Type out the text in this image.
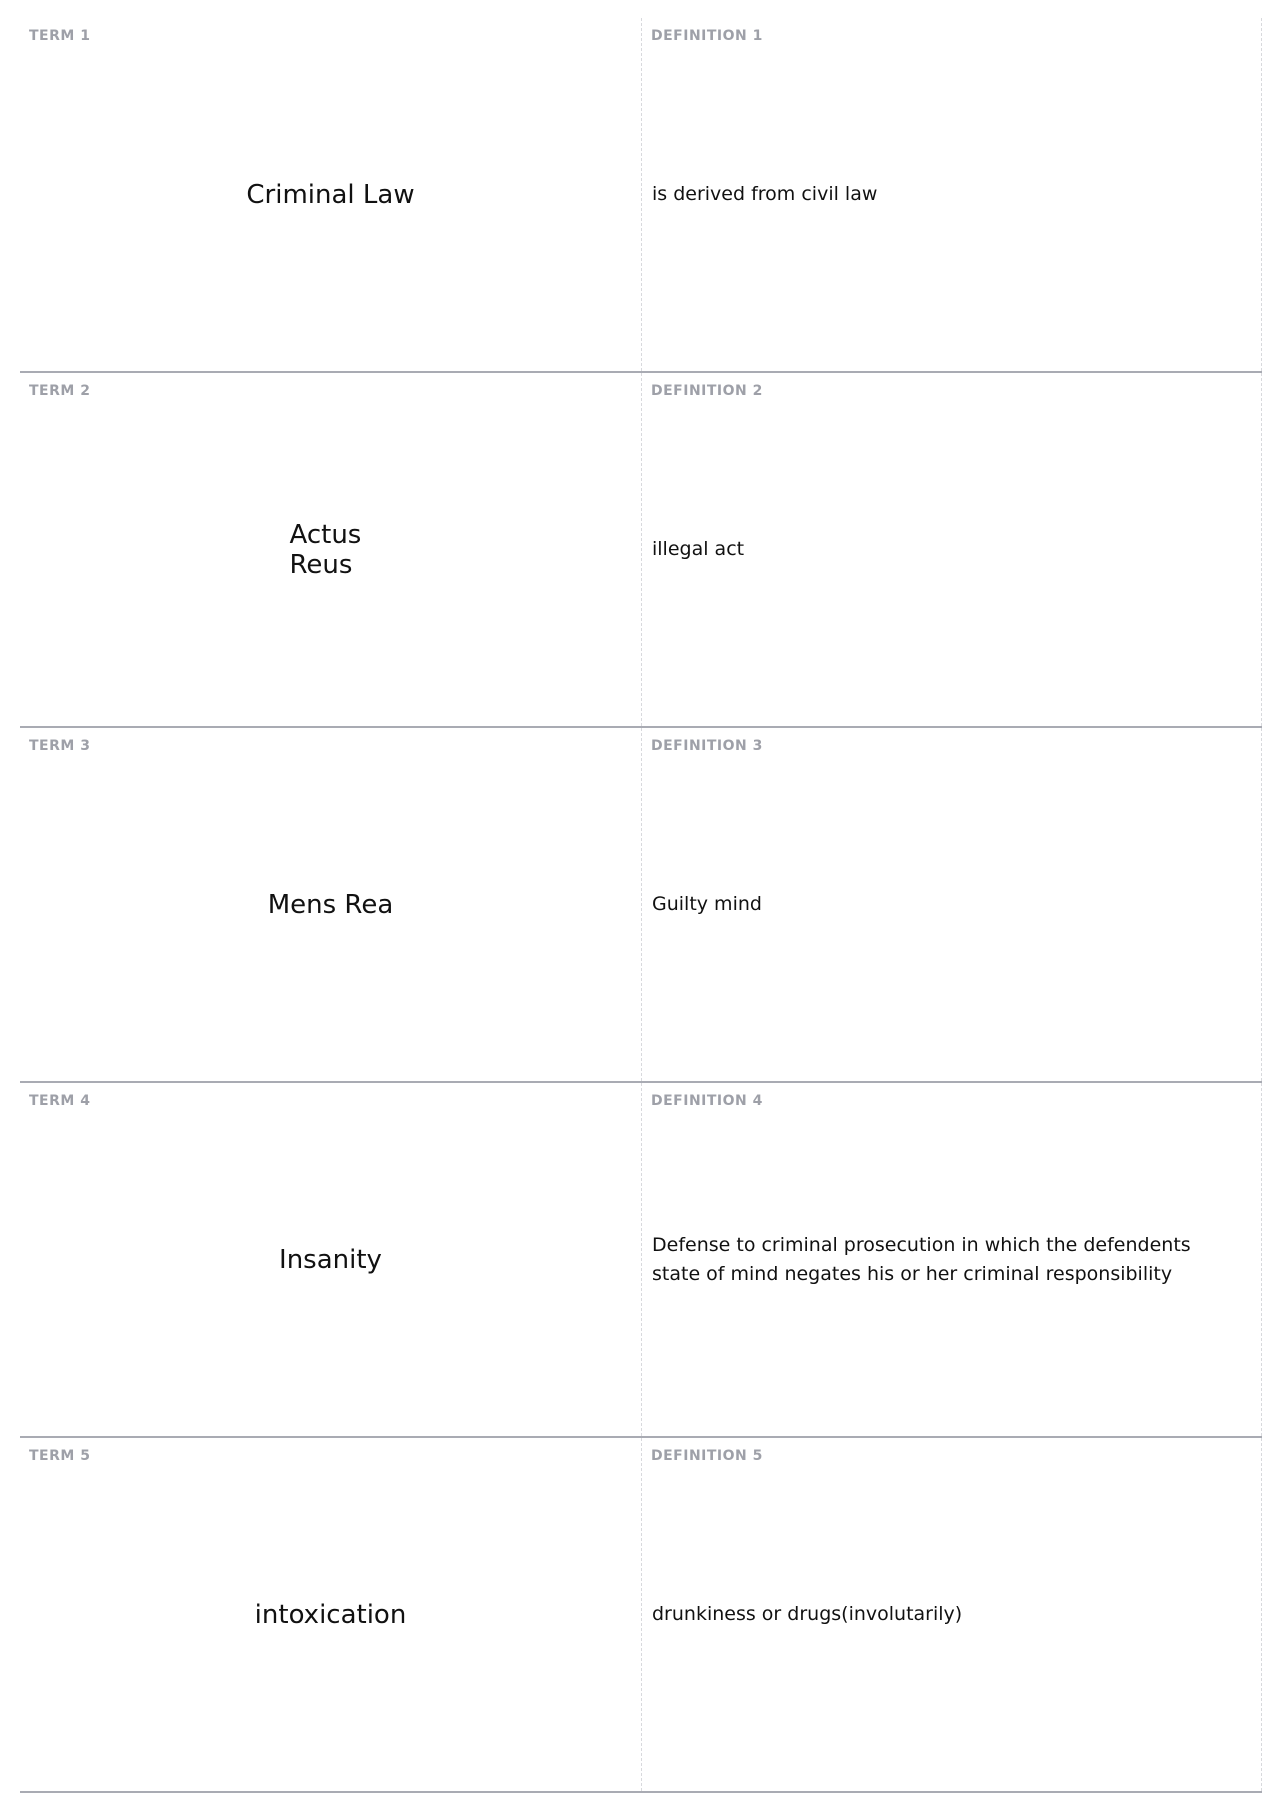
TERM 1
Criminal Law
DEFINITION 1
is derived from civil law
TERM 2
Actus Reus
DEFINITION 2
illegal act
TERM 3
Mens Rea
DEFINITION 3
Guilty mind
TERM 4
Insanity
DEFINITION 4
Defense to criminal prosecution in which the defendents state of mind negates his or her criminal responsibility
TERM 5
intoxication
DEFINITION 5
drunkiness or drugs(involutarily)
